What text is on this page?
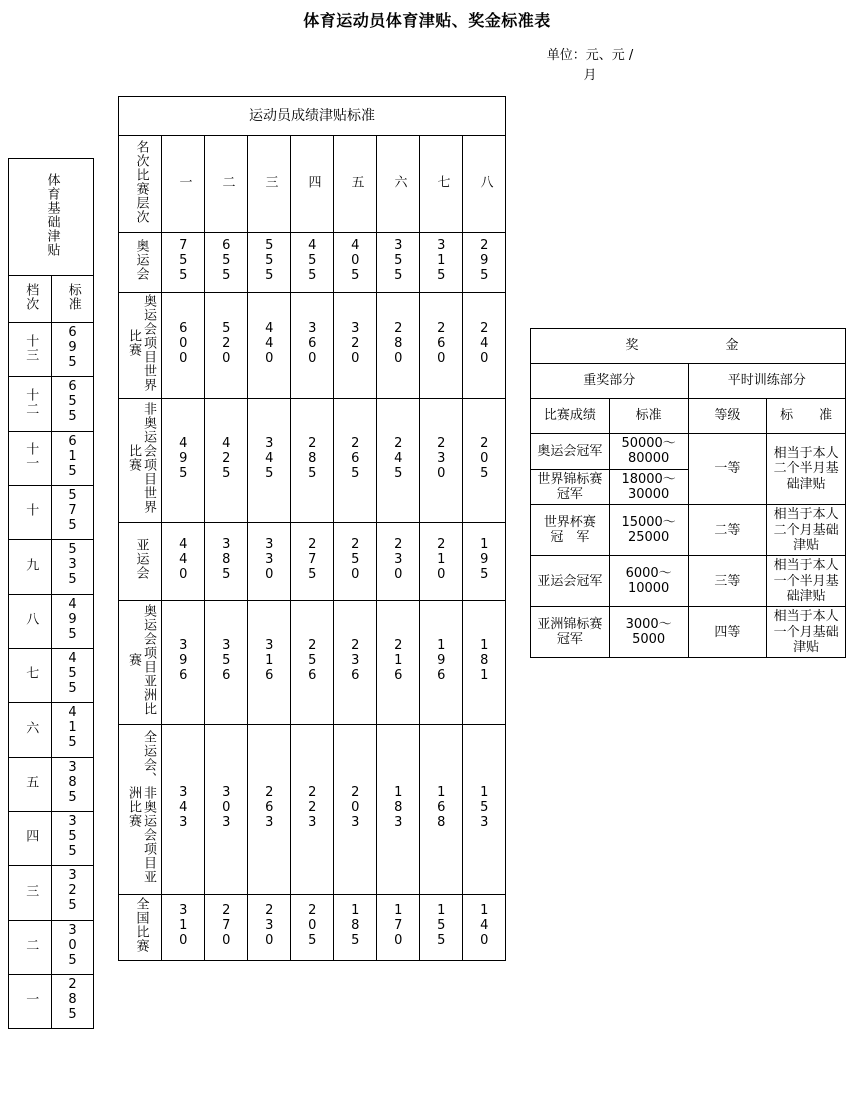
体育运动员体育津贴、奖金标准表
单位：元、元 /
月
体育基础津贴	
档次	标准
十三	695
十二	655
十一	615
十	575
九	535
八	495
七	455
六	415
五	385
四	355
三	325
二	305
一	285
运动员成绩津贴标准								
名次比赛层次	一	二	三	四	五	六	七	八
奥运会	755	655	555	455	405	355	315	295
奥运会项目世界比赛	600	520	440	360	320	280	260	240
非奥运会项目世界比赛	495	425	345	285	265	245	230	205
亚运会	440	385	330	275	250	230	210	195
奥运会项目亚洲比赛	396	356	316	256	236	216	196	181
全运会、非奥运会项目亚洲比赛	343	303	263	223	203	183	168	153
全国比赛	310	270	230	205	185	170	155	140
奖　　　金			
重奖部分		平时训练部分	
比赛成绩	标准	等级	标　　准
奥运会冠军	50000～80000	一等	相当于本人二个半月基础津贴
世界锦标赛冠军	18000～30000		
世界杯赛　冠　军	15000～25000	二等	相当于本人二个月基础津贴
亚运会冠军	6000～10000	三等	相当于本人一个半月基础津贴
亚洲锦标赛冠军	3000～5000	四等	相当于本人一个月基础津贴
